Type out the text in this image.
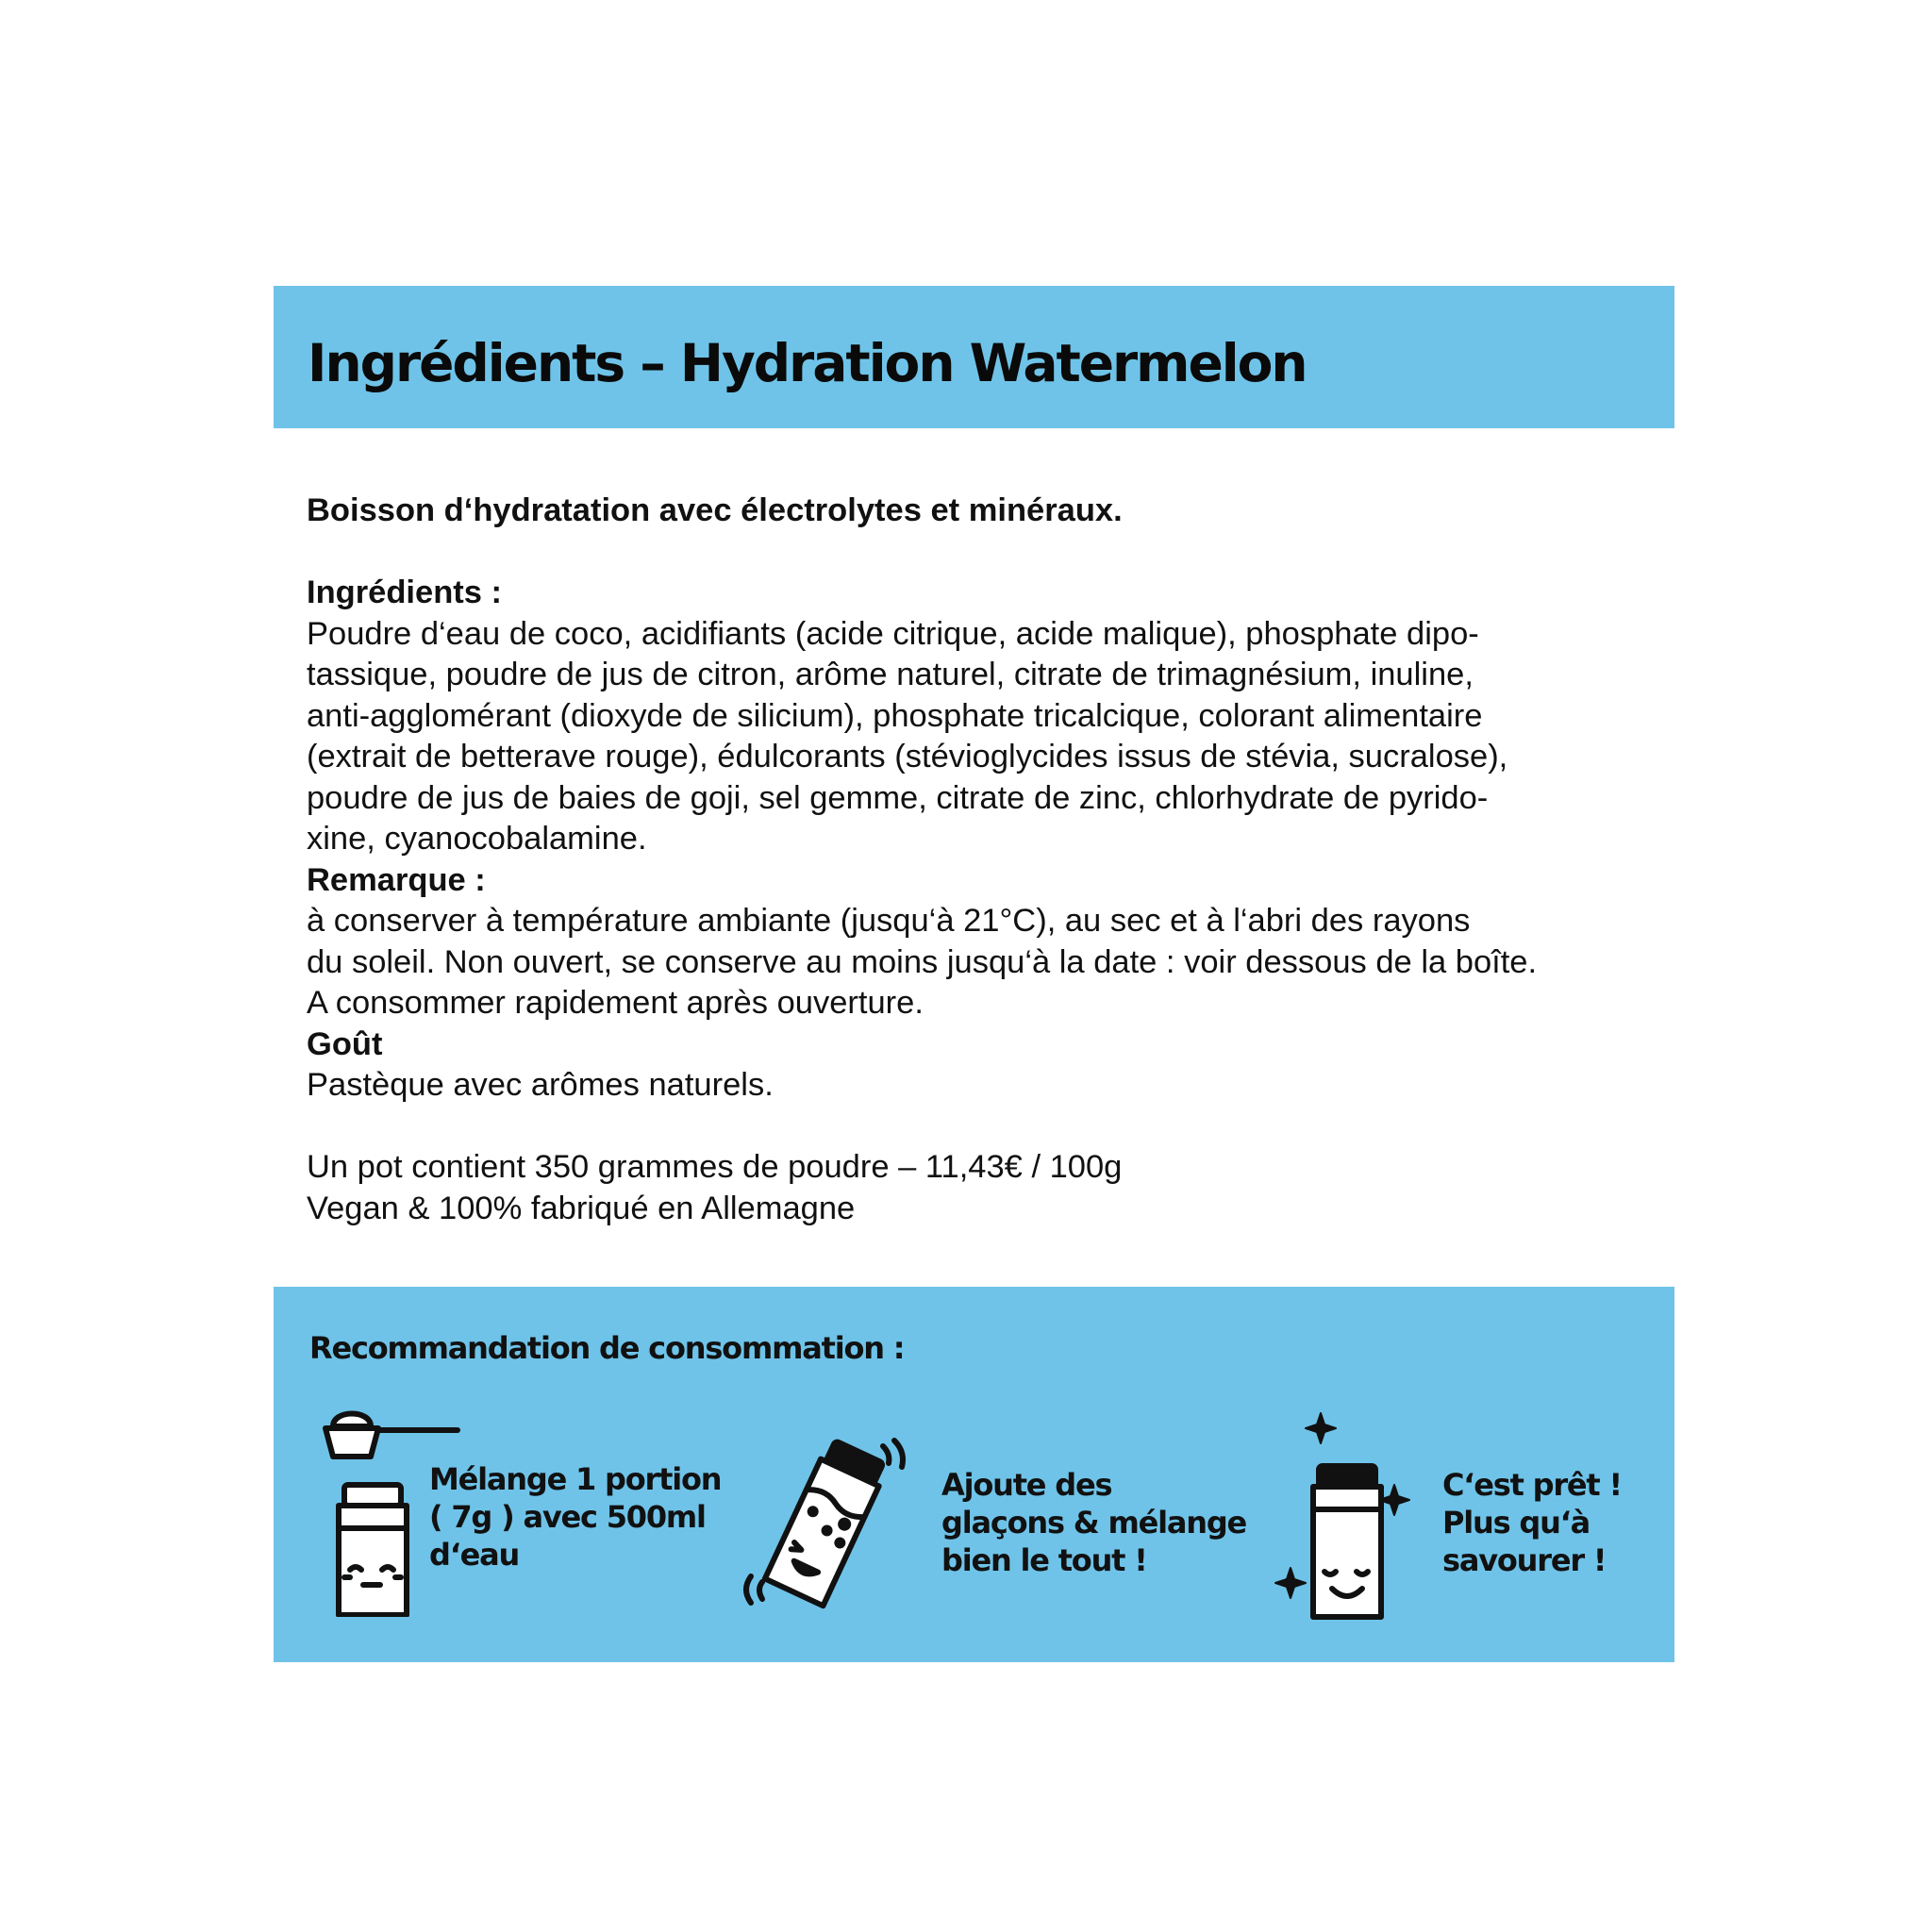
Ingrédients – Hydration Watermelon

Boisson d‘hydratation avec électrolytes et minéraux.

Ingrédients :

Poudre d‘eau de coco, acidifiants (acide citrique, acide malique), phosphate dipo-

tassique, poudre de jus de citron, arôme naturel, citrate de trimagnésium, inuline,

anti-agglomérant (dioxyde de silicium), phosphate tricalcique, colorant alimentaire

(extrait de betterave rouge), édulcorants (stévioglycides issus de stévia, sucralose),

poudre de jus de baies de goji, sel gemme, citrate de zinc, chlorhydrate de pyrido-

xine, cyanocobalamine.

Remarque :

à conserver à température ambiante (jusqu‘à 21°C), au sec et à l‘abri des rayons

du soleil. Non ouvert, se conserve au moins jusqu‘à la date : voir dessous de la boîte.

A consommer rapidement après ouverture.

Goût

Pastèque avec arômes naturels.

Un pot contient 350 grammes de poudre – 11,43€ / 100g

Vegan & 100% fabriqué en Allemagne

Recommandation de consommation :
Mélange 1 portion
( 7g ) avec 500ml
d‘eau
Ajoute des
glaçons & mélange
bien le tout !
C‘est prêt !
Plus qu‘à
savourer !
